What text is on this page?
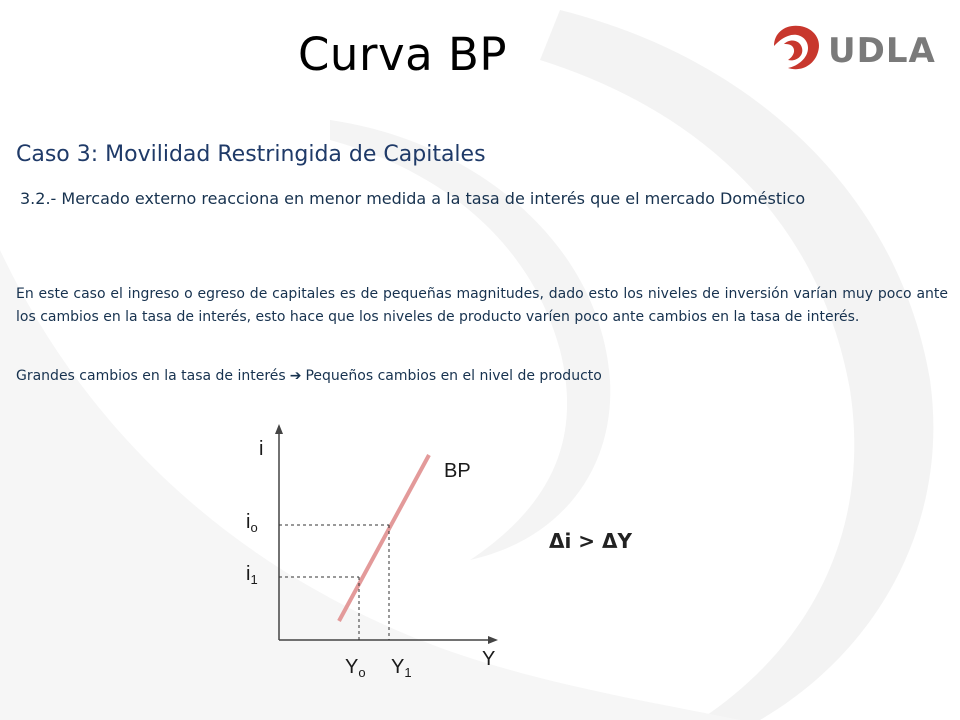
Curva BP	UDLA
Caso 3: Movilidad Restringida de Capitales
3.2.- Mercado externo reacciona en menor medida a la tasa de interés que el mercado Doméstico
En este caso el ingreso o egreso de capitales es de pequeñas magnitudes, dado esto los niveles de inversión varían muy poco ante los cambios en la tasa de interés, esto hace que los niveles de producto varíen poco ante cambios en la tasa de interés.
Grandes cambios en la tasa de interés ➔ Pequeños cambios en el nivel de producto
i
Y
BP
$i_o$
$i_1$
$Y_o$ $Y_1$
Δi > ΔY
